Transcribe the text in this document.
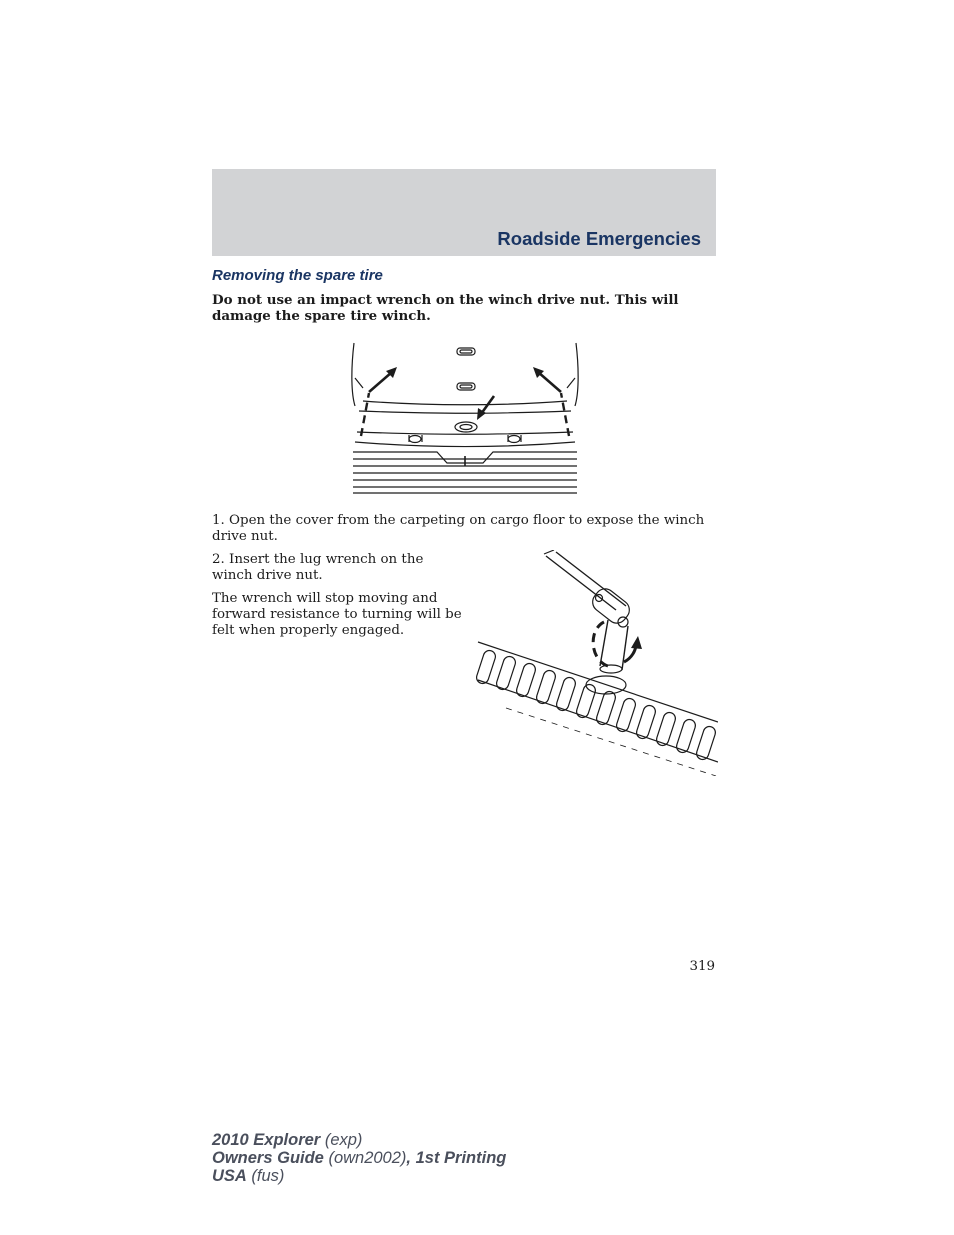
Roadside Emergencies
Removing the spare tire
Do not use an impact wrench on the winch drive nut. This will damage the spare tire winch.
1. Open the cover from the carpeting on cargo floor to expose the winch drive nut.
2. Insert the lug wrench on the winch drive nut.
The wrench will stop moving and forward resistance to turning will be felt when properly engaged.
319
2010 Explorer (exp)
Owners Guide (own2002), 1st Printing
USA (fus)
